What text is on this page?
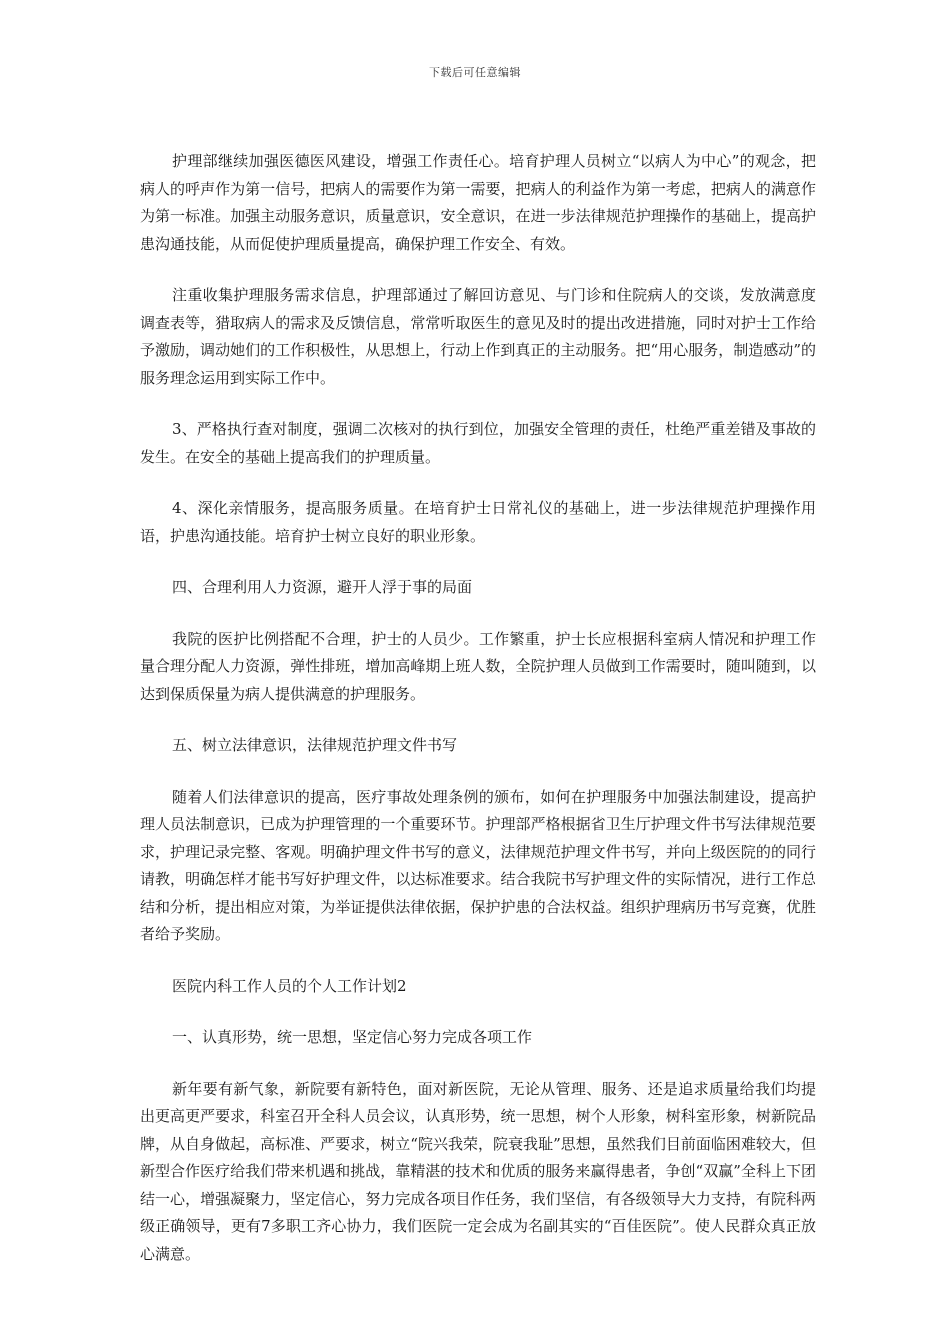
下载后可任意编辑

护理部继续加强医德医风建设，增强工作责任心。培育护理人员树立“以病人为中心”的观念，把病人的呼声作为第一信号，把病人的需要作为第一需要，把病人的利益作为第一考虑，把病人的满意作为第一标准。加强主动服务意识，质量意识，安全意识，在进一步法律规范护理操作的基础上，提高护患沟通技能，从而促使护理质量提高，确保护理工作安全、有效。

注重收集护理服务需求信息，护理部通过了解回访意见、与门诊和住院病人的交谈，发放满意度调查表等，猎取病人的需求及反馈信息，常常听取医生的意见及时的提出改进措施，同时对护士工作给予激励，调动她们的工作积极性，从思想上，行动上作到真正的主动服务。把“用心服务，制造感动”的服务理念运用到实际工作中。

3、严格执行查对制度，强调二次核对的执行到位，加强安全管理的责任，杜绝严重差错及事故的发生。在安全的基础上提高我们的护理质量。

4、深化亲情服务，提高服务质量。在培育护士日常礼仪的基础上，进一步法律规范护理操作用语，护患沟通技能。培育护士树立良好的职业形象。

四、合理利用人力资源，避开人浮于事的局面

我院的医护比例搭配不合理，护士的人员少。工作繁重，护士长应根据科室病人情况和护理工作量合理分配人力资源，弹性排班，增加高峰期上班人数，全院护理人员做到工作需要时，随叫随到，以达到保质保量为病人提供满意的护理服务。

五、树立法律意识，法律规范护理文件书写

随着人们法律意识的提高，医疗事故处理条例的颁布，如何在护理服务中加强法制建设，提高护理人员法制意识，已成为护理管理的一个重要环节。护理部严格根据省卫生厅护理文件书写法律规范要求，护理记录完整、客观。明确护理文件书写的意义，法律规范护理文件书写，并向上级医院的的同行请教，明确怎样才能书写好护理文件，以达标准要求。结合我院书写护理文件的实际情况，进行工作总结和分析，提出相应对策，为举证提供法律依据，保护护患的合法权益。组织护理病历书写竞赛，优胜者给予奖励。

医院内科工作人员的个人工作计划2

一、认真形势，统一思想，坚定信心努力完成各项工作

新年要有新气象，新院要有新特色，面对新医院，无论从管理、服务、还是追求质量给我们均提出更高更严要求，科室召开全科人员会议，认真形势，统一思想，树个人形象，树科室形象，树新院品牌，从自身做起，高标准、严要求，树立“院兴我荣，院衰我耻”思想，虽然我们目前面临困难较大，但新型合作医疗给我们带来机遇和挑战，靠精湛的技术和优质的服务来赢得患者，争创“双赢”全科上下团结一心，增强凝聚力，坚定信心，努力完成各项目作任务，我们坚信，有各级领导大力支持，有院科两级正确领导，更有7多职工齐心协力，我们医院一定会成为名副其实的“百佳医院”。使人民群众真正放心满意。
